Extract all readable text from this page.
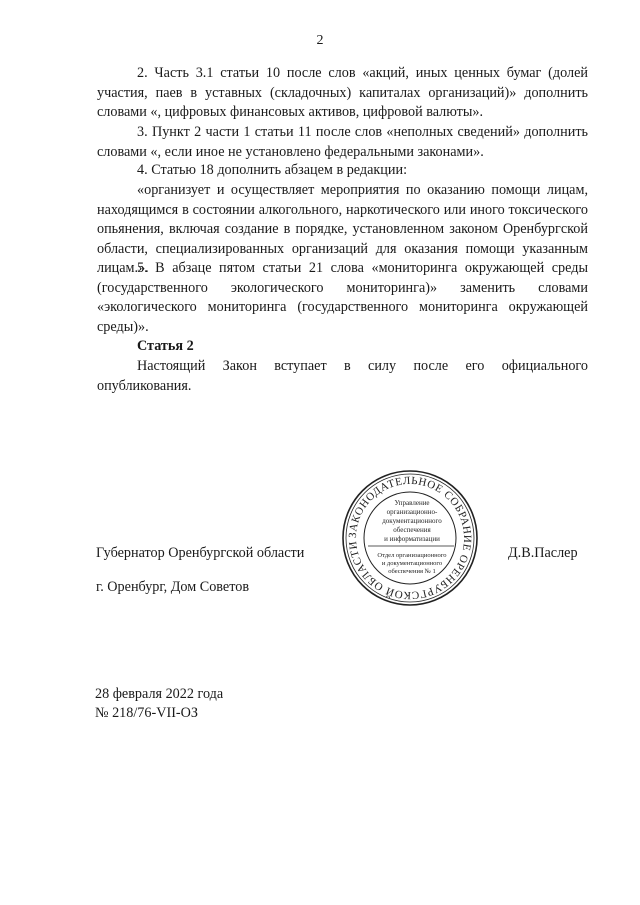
2
2. Часть 3.1 статьи 10 после слов «акций, иных ценных бумаг (долей участия, паев в уставных (складочных) капиталах организаций)» дополнить словами «, цифровых финансовых активов, цифровой валюты».
3. Пункт 2 части 1 статьи 11 после слов «неполных сведений» дополнить словами «, если иное не установлено федеральными законами».
4. Статью 18 дополнить абзацем в редакции:
«организует и осуществляет мероприятия по оказанию помощи лицам, находящимся в состоянии алкогольного, наркотического или иного токсического опьянения, включая создание в порядке, установленном законом Оренбургской области, специализированных организаций для оказания помощи указанным лицам.».
5. В абзаце пятом статьи 21 слова «мониторинга окружающей среды (государственного экологического мониторинга)» заменить словами «экологического мониторинга (государственного мониторинга окружающей среды)».
Статья 2
Настоящий Закон вступает в силу после его официального опубликования.
ЗАКОНОДАТЕЛЬНОЕ СОБРАНИЕ ОРЕНБУРГСКОЙ ОБЛАСТИ
Управление
организационно-
документационного
обеспечения
и информатизации
Отдел организационного
и документационного
обеспечения № 1
Губернатор Оренбургской области	Д.В.Паслер
г. Оренбург, Дом Советов
28 февраля 2022 года
№ 218/76-VII-ОЗ
